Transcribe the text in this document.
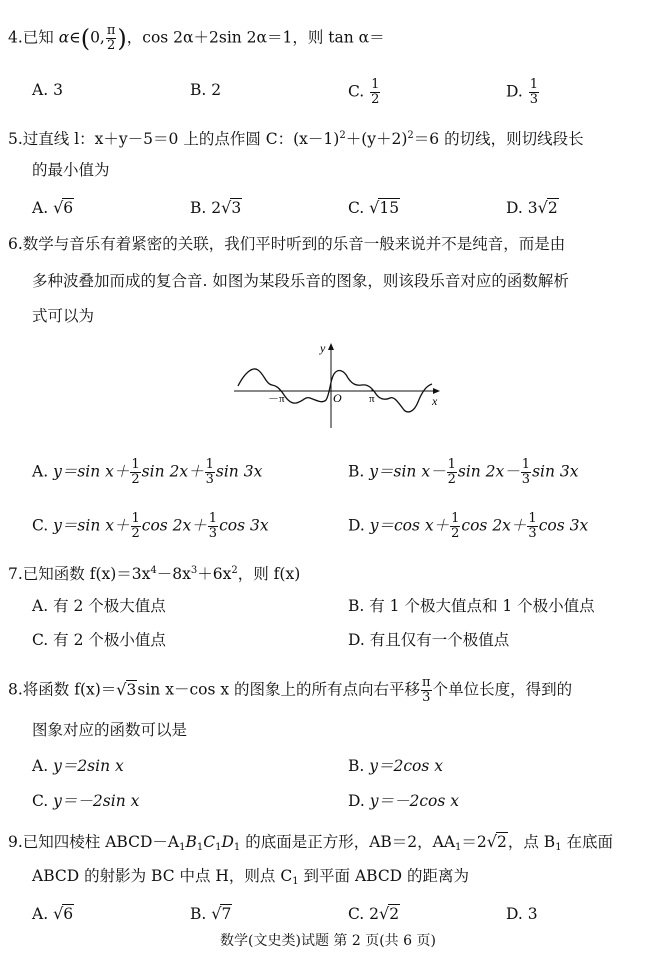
4.已知 α∈(0, $\frac{\pi}{2}$ )，cos 2α＋2sin 2α＝1，则 tan α＝
A. 3	B. 2	C. $\frac{1}{2}$	D. $\frac{1}{3}$
5.过直线 l：x＋y－5＝0 上的点作圆 C：$(x-1)^2+(y+2)^2=6$ 的切线，则切线段长
的最小值为
A. √6	B. 2√3	C. √15	D. 3√2
6.数学与音乐有着紧密的关联，我们平时听到的乐音一般来说并不是纯音，而是由
多种波叠加而成的复合音. 如图为某段乐音的图象，则该段乐音对应的函数解析
式可以为
y
x
O
－π	π
A. y＝sin $x+ \frac{1}{2}$ $\sin 2x+ \frac{1}{3}$ sin 3x	B. y＝sin $x- \frac{1}{2}$ $\sin 2x- \frac{1}{3}$ sin 3x
C. y＝sin $x+ \frac{1}{2}$ $\cos 2x+ \frac{1}{3}$ cos 3x	D. y＝cos $x+ \frac{1}{2}$ $\cos 2x+ \frac{1}{3}$ cos 3x
7.已知函数 $f(x)=3x^4-8x^3+6x^2$，则 f(x)
A. 有 2 个极大值点	B. 有 1 个极大值点和 1 个极小值点
C. 有 2 个极小值点	D. 有且仅有一个极值点
8.将函数 f(x)＝√3sin x－cos x 的图象上的所有点向右平移 $\frac{\pi}{3}$ 个单位长度，得到的
图象对应的函数可以是
A. y＝2sin x	B. y＝2cos x
C. y＝－2sin x	D. y＝－2cos x
9.已知四棱柱 $ABCD-A_1B_1C_1D_1$ 的底面是正方形，AB＝2，$AA_1=2√2$，点 $B_1$ 在底面
ABCD 的射影为 BC 中点 H，则点 $C_1$ 到平面 ABCD 的距离为
A. √6	B. √7	C. 2√2	D. 3
数学(文史类)试题 第 2 页(共 6 页)
